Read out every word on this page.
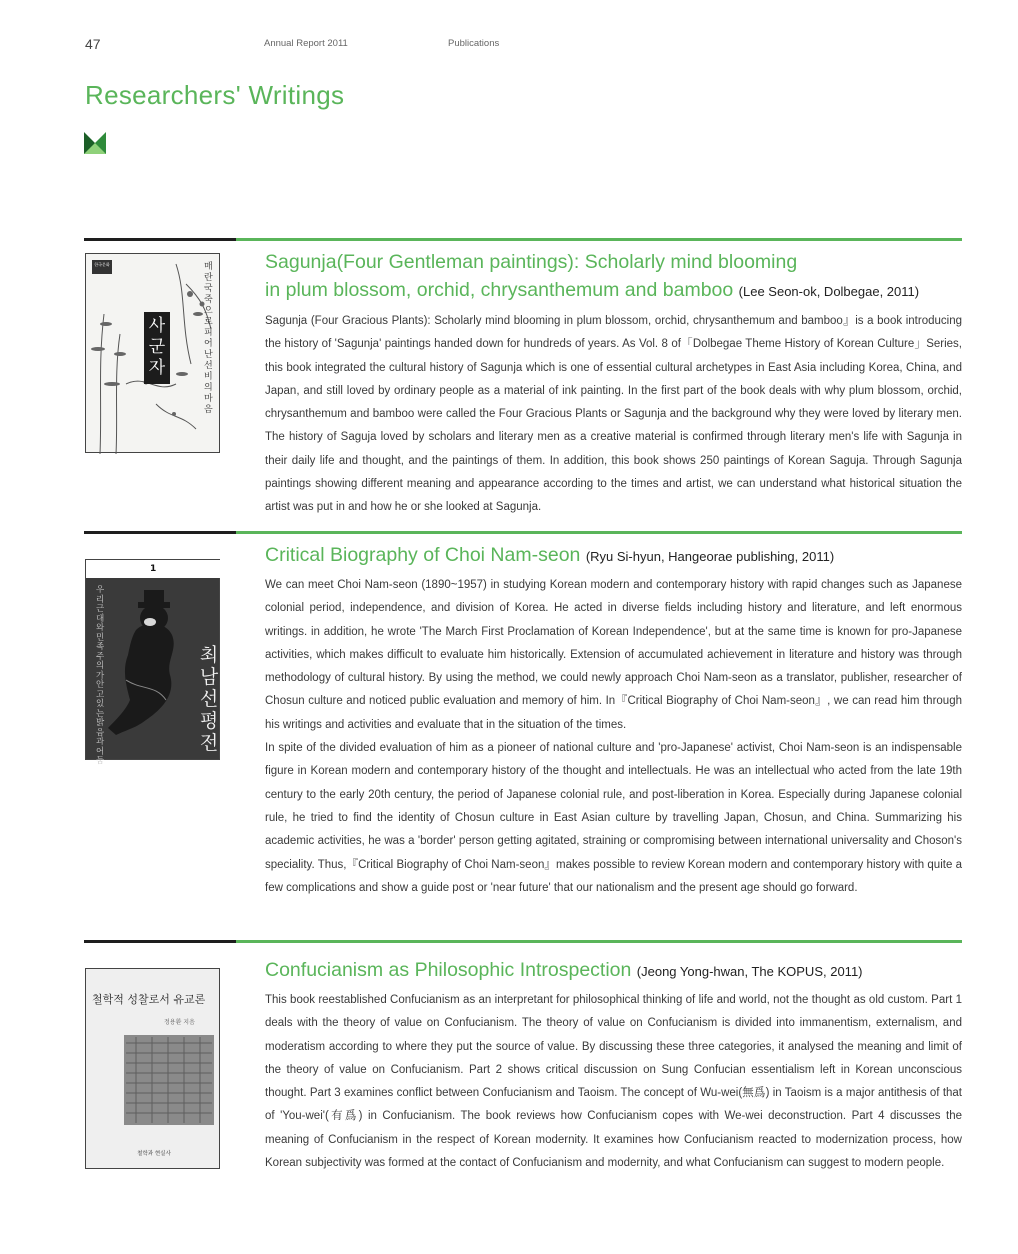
47	Annual Report 2011	Publications
Researchers' Writings
사군자
매란국죽으로 피어난 선비의 마음
한국문화	Sagunja(Four Gentleman paintings): Scholarly mind blooming
in plum blossom, orchid, chrysanthemum and bamboo (Lee Seon-ok, Dolbegae, 2011)

Sagunja (Four Gracious Plants): Scholarly mind blooming in plum blossom, orchid, chrysanthemum and bamboo』is a book introducing the history of 'Sagunja' paintings handed down for hundreds of years. As Vol. 8 of「Dolbegae Theme History of Korean Culture」Series, this book integrated the cultural history of Sagunja which is one of essential cultural archetypes in East Asia including Korea, China, and Japan, and still loved by ordinary people as a material of ink painting. In the first part of the book deals with why plum blossom, orchid, chrysanthemum and bamboo were called the Four Gracious Plants or Sagunja and the background why they were loved by literary men. The history of Saguja loved by scholars and literary men as a creative material is confirmed through literary men's life with Sagunja in their daily life and thought, and the paintings of them. In addition, this book shows 250 paintings of Korean Saguja. Through Sagunja paintings showing different meaning and appearance according to the times and artist, we can understand what historical situation the artist was put in and how he or she looked at Sagunja.

1
최남선 평전
우리 근대와 민족주의가 안고 있는 밝음과 어둠
Critical Biography of Choi Nam-seon (Ryu Si-hyun, Hangeorae publishing, 2011)

We can meet Choi Nam-seon (1890~1957) in studying Korean modern and contemporary history with rapid changes such as Japanese colonial period, independence, and division of Korea. He acted in diverse fields including history and literature, and left enormous writings. in addition, he wrote 'The March First Proclamation of Korean Independence', but at the same time is known for pro-Japanese activities, which makes difficult to evaluate him historically. Extension of accumulated achievement in literature and history was through methodology of cultural history. By using the method, we could newly approach Choi Nam-seon as a translator, publisher, researcher of Chosun culture and noticed public evaluation and memory of him. In『Critical Biography of Choi Nam-seon』, we can read him through his writings and activities and evaluate that in the situation of the times.

In spite of the divided evaluation of him as a pioneer of national culture and 'pro-Japanese' activist, Choi Nam-seon is an indispensable figure in Korean modern and contemporary history of the thought and intellectuals. He was an intellectual who acted from the late 19th century to the early 20th century, the period of Japanese colonial rule, and post-liberation in Korea. Especially during Japanese colonial rule, he tried to find the identity of Chosun culture in East Asian culture by travelling Japan, Chosun, and China. Summarizing his academic activities, he was a 'border' person getting agitated, straining or compromising between international universality and Choson's speciality. Thus,『Critical Biography of Choi Nam-seon』makes possible to review Korean modern and contemporary history with quite a few complications and show a guide post or 'near future' that our nationalism and the present age should go forward.

철학적 성찰로서 유교론
정용환 지음
철학과 현실사
Confucianism as Philosophic Introspection (Jeong Yong-hwan, The KOPUS, 2011)

This book reestablished Confucianism as an interpretant for philosophical thinking of life and world, not the thought as old custom. Part 1 deals with the theory of value on Confucianism. The theory of value on Confucianism is divided into immanentism, externalism, and moderatism according to where they put the source of value. By discussing these three categories, it analysed the meaning and limit of the theory of value on Confucianism. Part 2 shows critical discussion on Sung Confucian essentialism left in Korean unconscious thought. Part 3 examines conflict between Confucianism and Taoism. The concept of Wu-wei(無爲) in Taoism is a major antithesis of that of 'You-wei'(有爲) in Confucianism. The book reviews how Confucianism copes with We-wei deconstruction. Part 4 discusses the meaning of Confucianism in the respect of Korean modernity. It examines how Confucianism reacted to modernization process, how Korean subjectivity was formed at the contact of Confucianism and modernity, and what Confucianism can suggest to modern people.
